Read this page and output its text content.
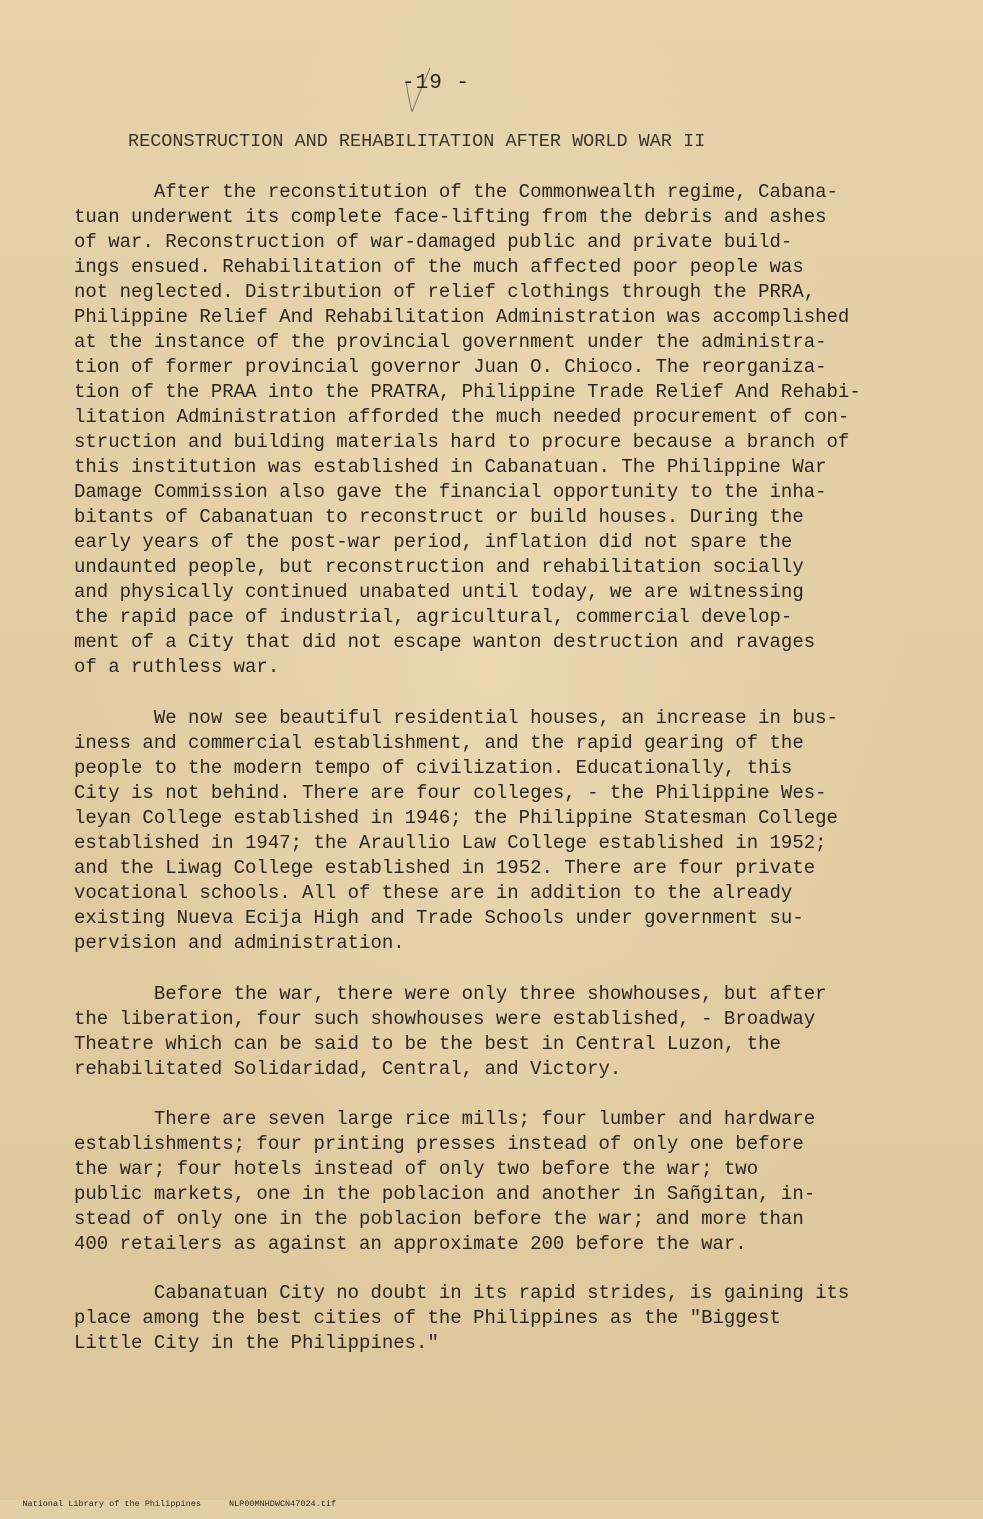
-19 -
RECONSTRUCTION AND REHABILITATION AFTER WORLD WAR II
After the reconstitution of the Commonwealth regime, Cabana-
tuan underwent its complete face-lifting from the debris and ashes
of war. Reconstruction of war-damaged public and private build-
ings ensued. Rehabilitation of the much affected poor people was
not neglected. Distribution of relief clothings through the PRRA,
Philippine Relief And Rehabilitation Administration was accomplished
at the instance of the provincial government under the administra-
tion of former provincial governor Juan O. Chioco. The reorganiza-
tion of the PRAA into the PRATRA, Philippine Trade Relief And Rehabi-
litation Administration afforded the much needed procurement of con-
struction and building materials hard to procure because a branch of
this institution was established in Cabanatuan. The Philippine War
Damage Commission also gave the financial opportunity to the inha-
bitants of Cabanatuan to reconstruct or build houses. During the
early years of the post-war period, inflation did not spare the
undaunted people, but reconstruction and rehabilitation socially
and physically continued unabated until today, we are witnessing
the rapid pace of industrial, agricultural, commercial develop-
ment of a City that did not escape wanton destruction and ravages
of a ruthless war.
We now see beautiful residential houses, an increase in bus-
iness and commercial establishment, and the rapid gearing of the
people to the modern tempo of civilization. Educationally, this
City is not behind. There are four colleges, - the Philippine Wes-
leyan College established in 1946; the Philippine Statesman College
established in 1947; the Araullio Law College established in 1952;
and the Liwag College established in 1952. There are four private
vocational schools. All of these are in addition to the already
existing Nueva Ecija High and Trade Schools under government su-
pervision and administration.
Before the war, there were only three showhouses, but after
the liberation, four such showhouses were established, - Broadway
Theatre which can be said to be the best in Central Luzon, the
rehabilitated Solidaridad, Central, and Victory.
There are seven large rice mills; four lumber and hardware
establishments; four printing presses instead of only one before
the war; four hotels instead of only two before the war; two
public markets, one in the poblacion and another in Sañgitan, in-
stead of only one in the poblacion before the war; and more than
400 retailers as against an approximate 200 before the war.
Cabanatuan City no doubt in its rapid strides, is gaining its
place among the best cities of the Philippines as the "Biggest
Little City in the Philippines."

National Library of the Philippines	NLP00MNHDWCN47024.tif
